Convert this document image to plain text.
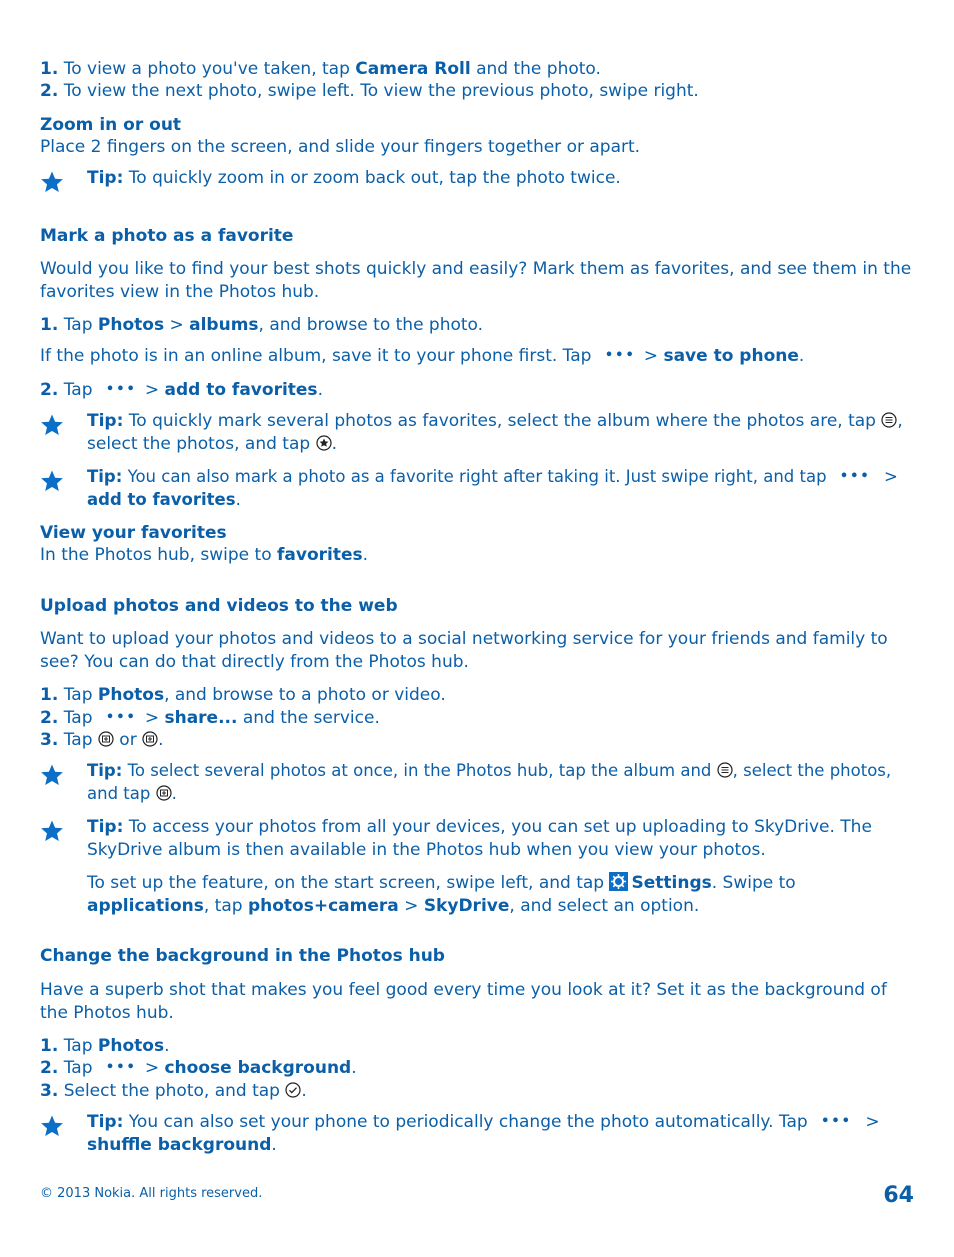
1. To view a photo you've taken, tap Camera Roll and the photo.

2. To view the next photo, swipe left. To view the previous photo, swipe right.

Zoom in or out

Place 2 fingers on the screen, and slide your fingers together or apart.

Tip: To quickly zoom in or zoom back out, tap the photo twice.

Mark a photo as a favorite

Would you like to find your best shots quickly and easily? Mark them as favorites, and see them in the favorites view in the Photos hub.

1. Tap Photos > albums, and browse to the photo.

If the photo is in an online album, save it to your phone first. Tap ••• > save to phone.

2. Tap ••• > add to favorites.

Tip: To quickly mark several photos as favorites, select the album where the photos are, tap , select the photos, and tap .

Tip: You can also mark a photo as a favorite right after taking it. Just swipe right, and tap ••• > add to favorites.

View your favorites

In the Photos hub, swipe to favorites.

Upload photos and videos to the web

Want to upload your photos and videos to a social networking service for your friends and family to see? You can do that directly from the Photos hub.

1. Tap Photos, and browse to a photo or video.

2. Tap ••• > share... and the service.

3. Tap  or .

Tip: To select several photos at once, in the Photos hub, tap the album and , select the photos, and tap .

Tip: To access your photos from all your devices, you can set up uploading to SkyDrive. The SkyDrive album is then available in the Photos hub when you view your photos.

To set up the feature, on the start screen, swipe left, and tap Settings. Swipe to applications, tap photos+camera > SkyDrive, and select an option.

Change the background in the Photos hub

Have a superb shot that makes you feel good every time you look at it? Set it as the background of the Photos hub.

1. Tap Photos.

2. Tap ••• > choose background.

3. Select the photo, and tap .

Tip: You can also set your phone to periodically change the photo automatically. Tap ••• > shuffle background.

© 2013 Nokia. All rights reserved.	64
